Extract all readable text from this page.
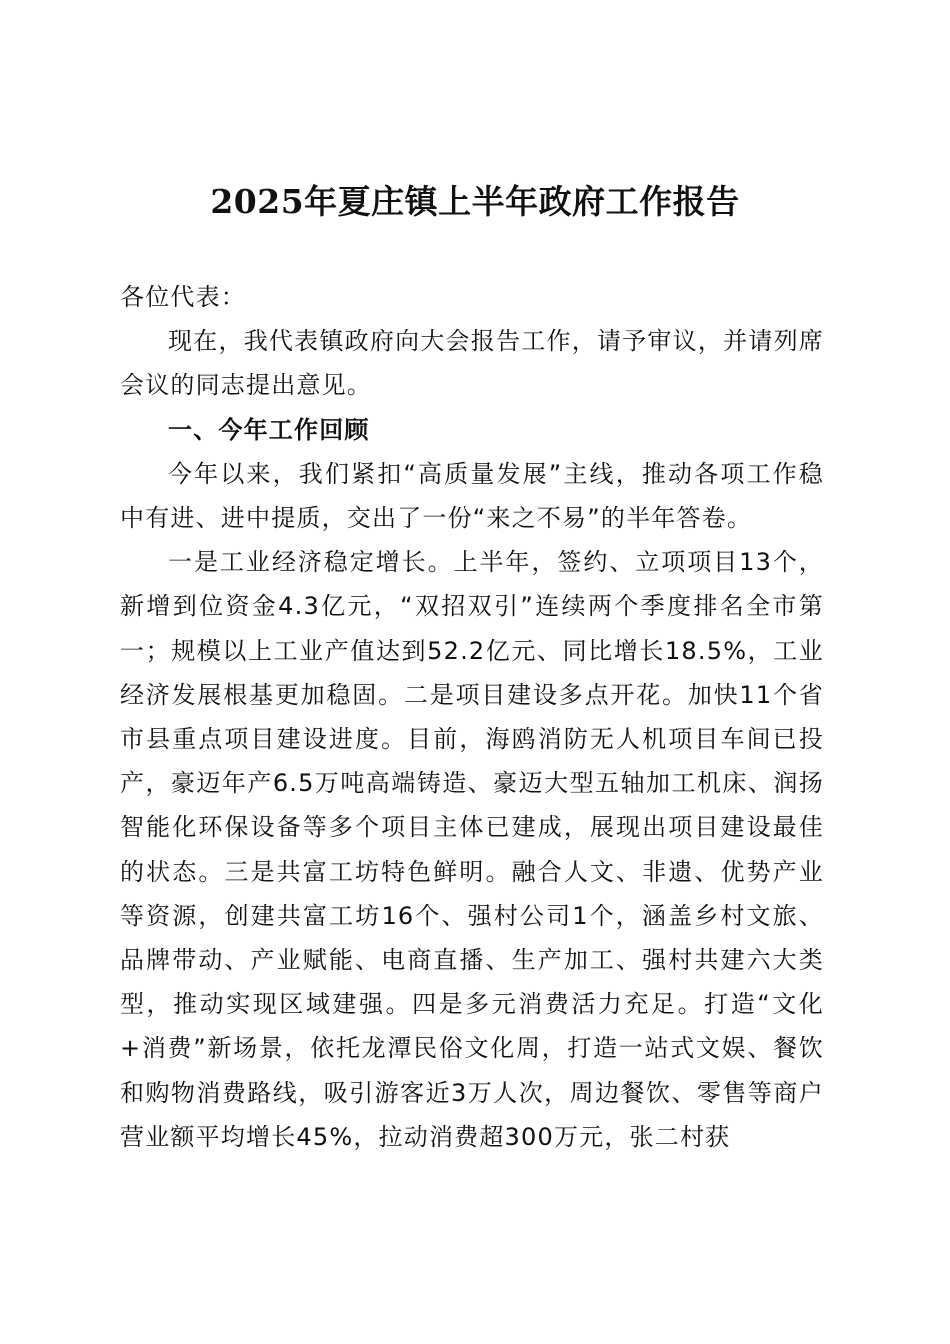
2025年夏庄镇上半年政府工作报告

各位代表：

现在，我代表镇政府向大会报告工作，请予审议，并请列席会议的同志提出意见。

一、今年工作回顾

今年以来，我们紧扣“高质量发展”主线，推动各项工作稳中有进、进中提质，交出了一份“来之不易”的半年答卷。

一是工业经济稳定增长。上半年，签约、立项项目13个，新增到位资金4.3亿元，“双招双引”连续两个季度排名全市第一；规模以上工业产值达到52.2亿元、同比增长18.5%，工业经济发展根基更加稳固。二是项目建设多点开花。加快11个省市县重点项目建设进度。目前，海鸥消防无人机项目车间已投产，豪迈年产6.5万吨高端铸造、豪迈大型五轴加工机床、润扬智能化环保设备等多个项目主体已建成，展现出项目建设最佳的状态。三是共富工坊特色鲜明。融合人文、非遗、优势产业等资源，创建共富工坊16个、强村公司1个，涵盖乡村文旅、品牌带动、产业赋能、电商直播、生产加工、强村共建六大类型，推动实现区域建强。四是多元消费活力充足。打造“文化+消费”新场景，依托龙潭民俗文化周，打造一站式文娱、餐饮和购物消费路线，吸引游客近3万人次，周边餐饮、零售等商户营业额平均增长45%，拉动消费超300万元，张二村获
